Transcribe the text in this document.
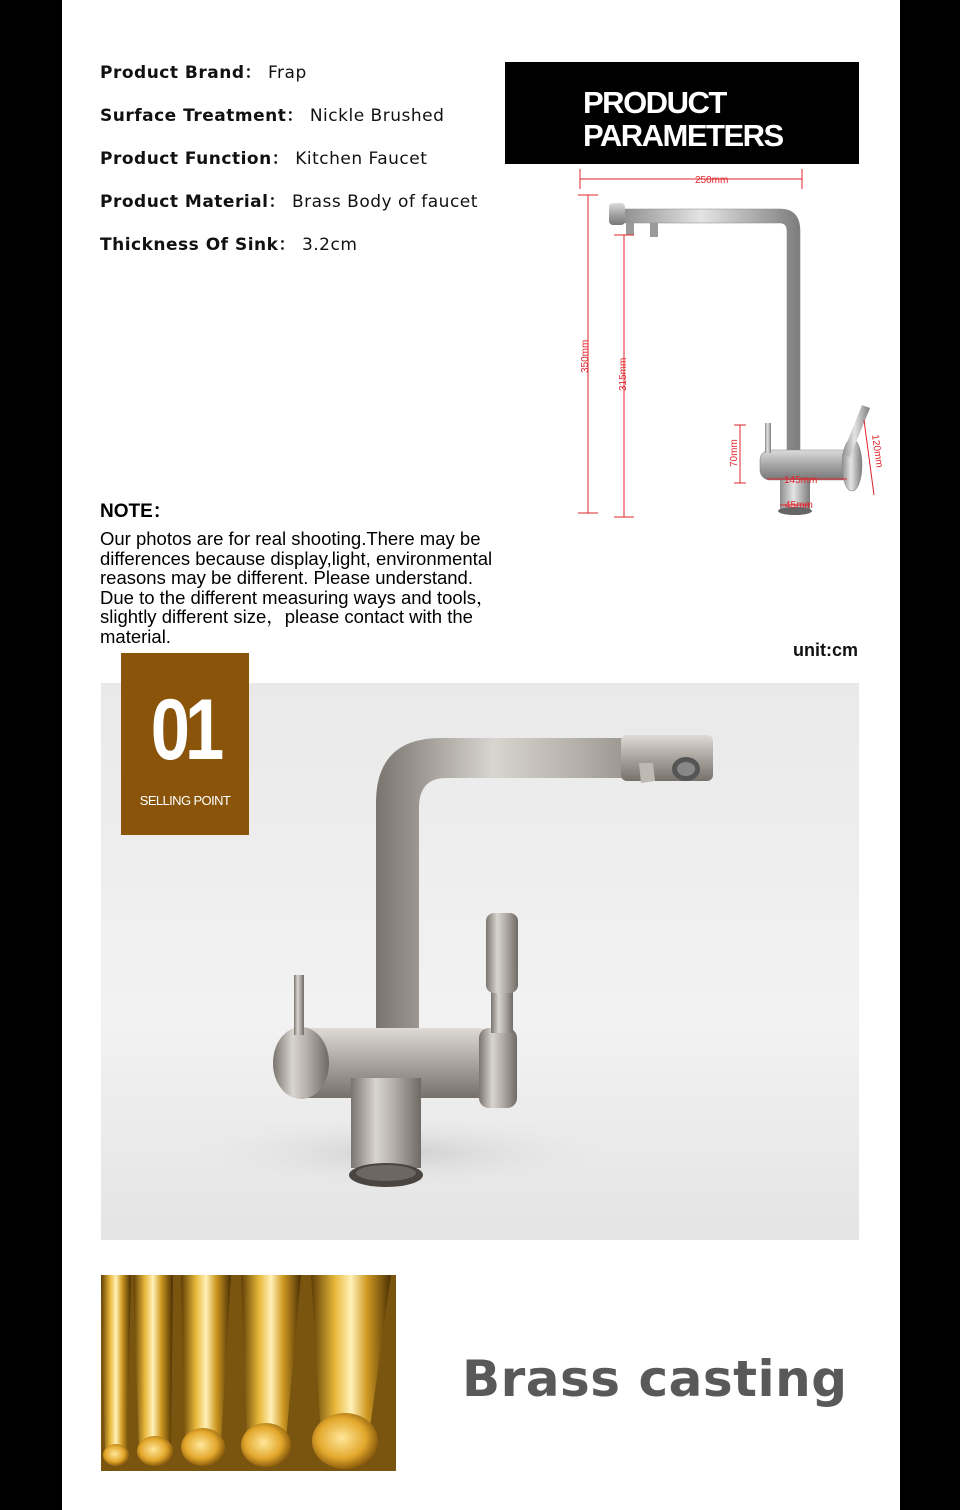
Product Brand： Frap
Surface Treatment： Nickle Brushed
Product Function： Kitchen Faucet
Product Material： Brass Body of faucet
Thickness Of Sink： 3.2cm
PRODUCT
PARAMETERS
250mm
350mm
315mm
70mm	120mm
145mm
45mm
NOTE：
Our photos are for real shooting.There may be
differences because display,light, environmental
reasons may be different. Please understand.
Due to the different measuring ways and tools，
slightly different size，please contact with the
material.
unit:cm
01
SELLING POINT
Brass casting
